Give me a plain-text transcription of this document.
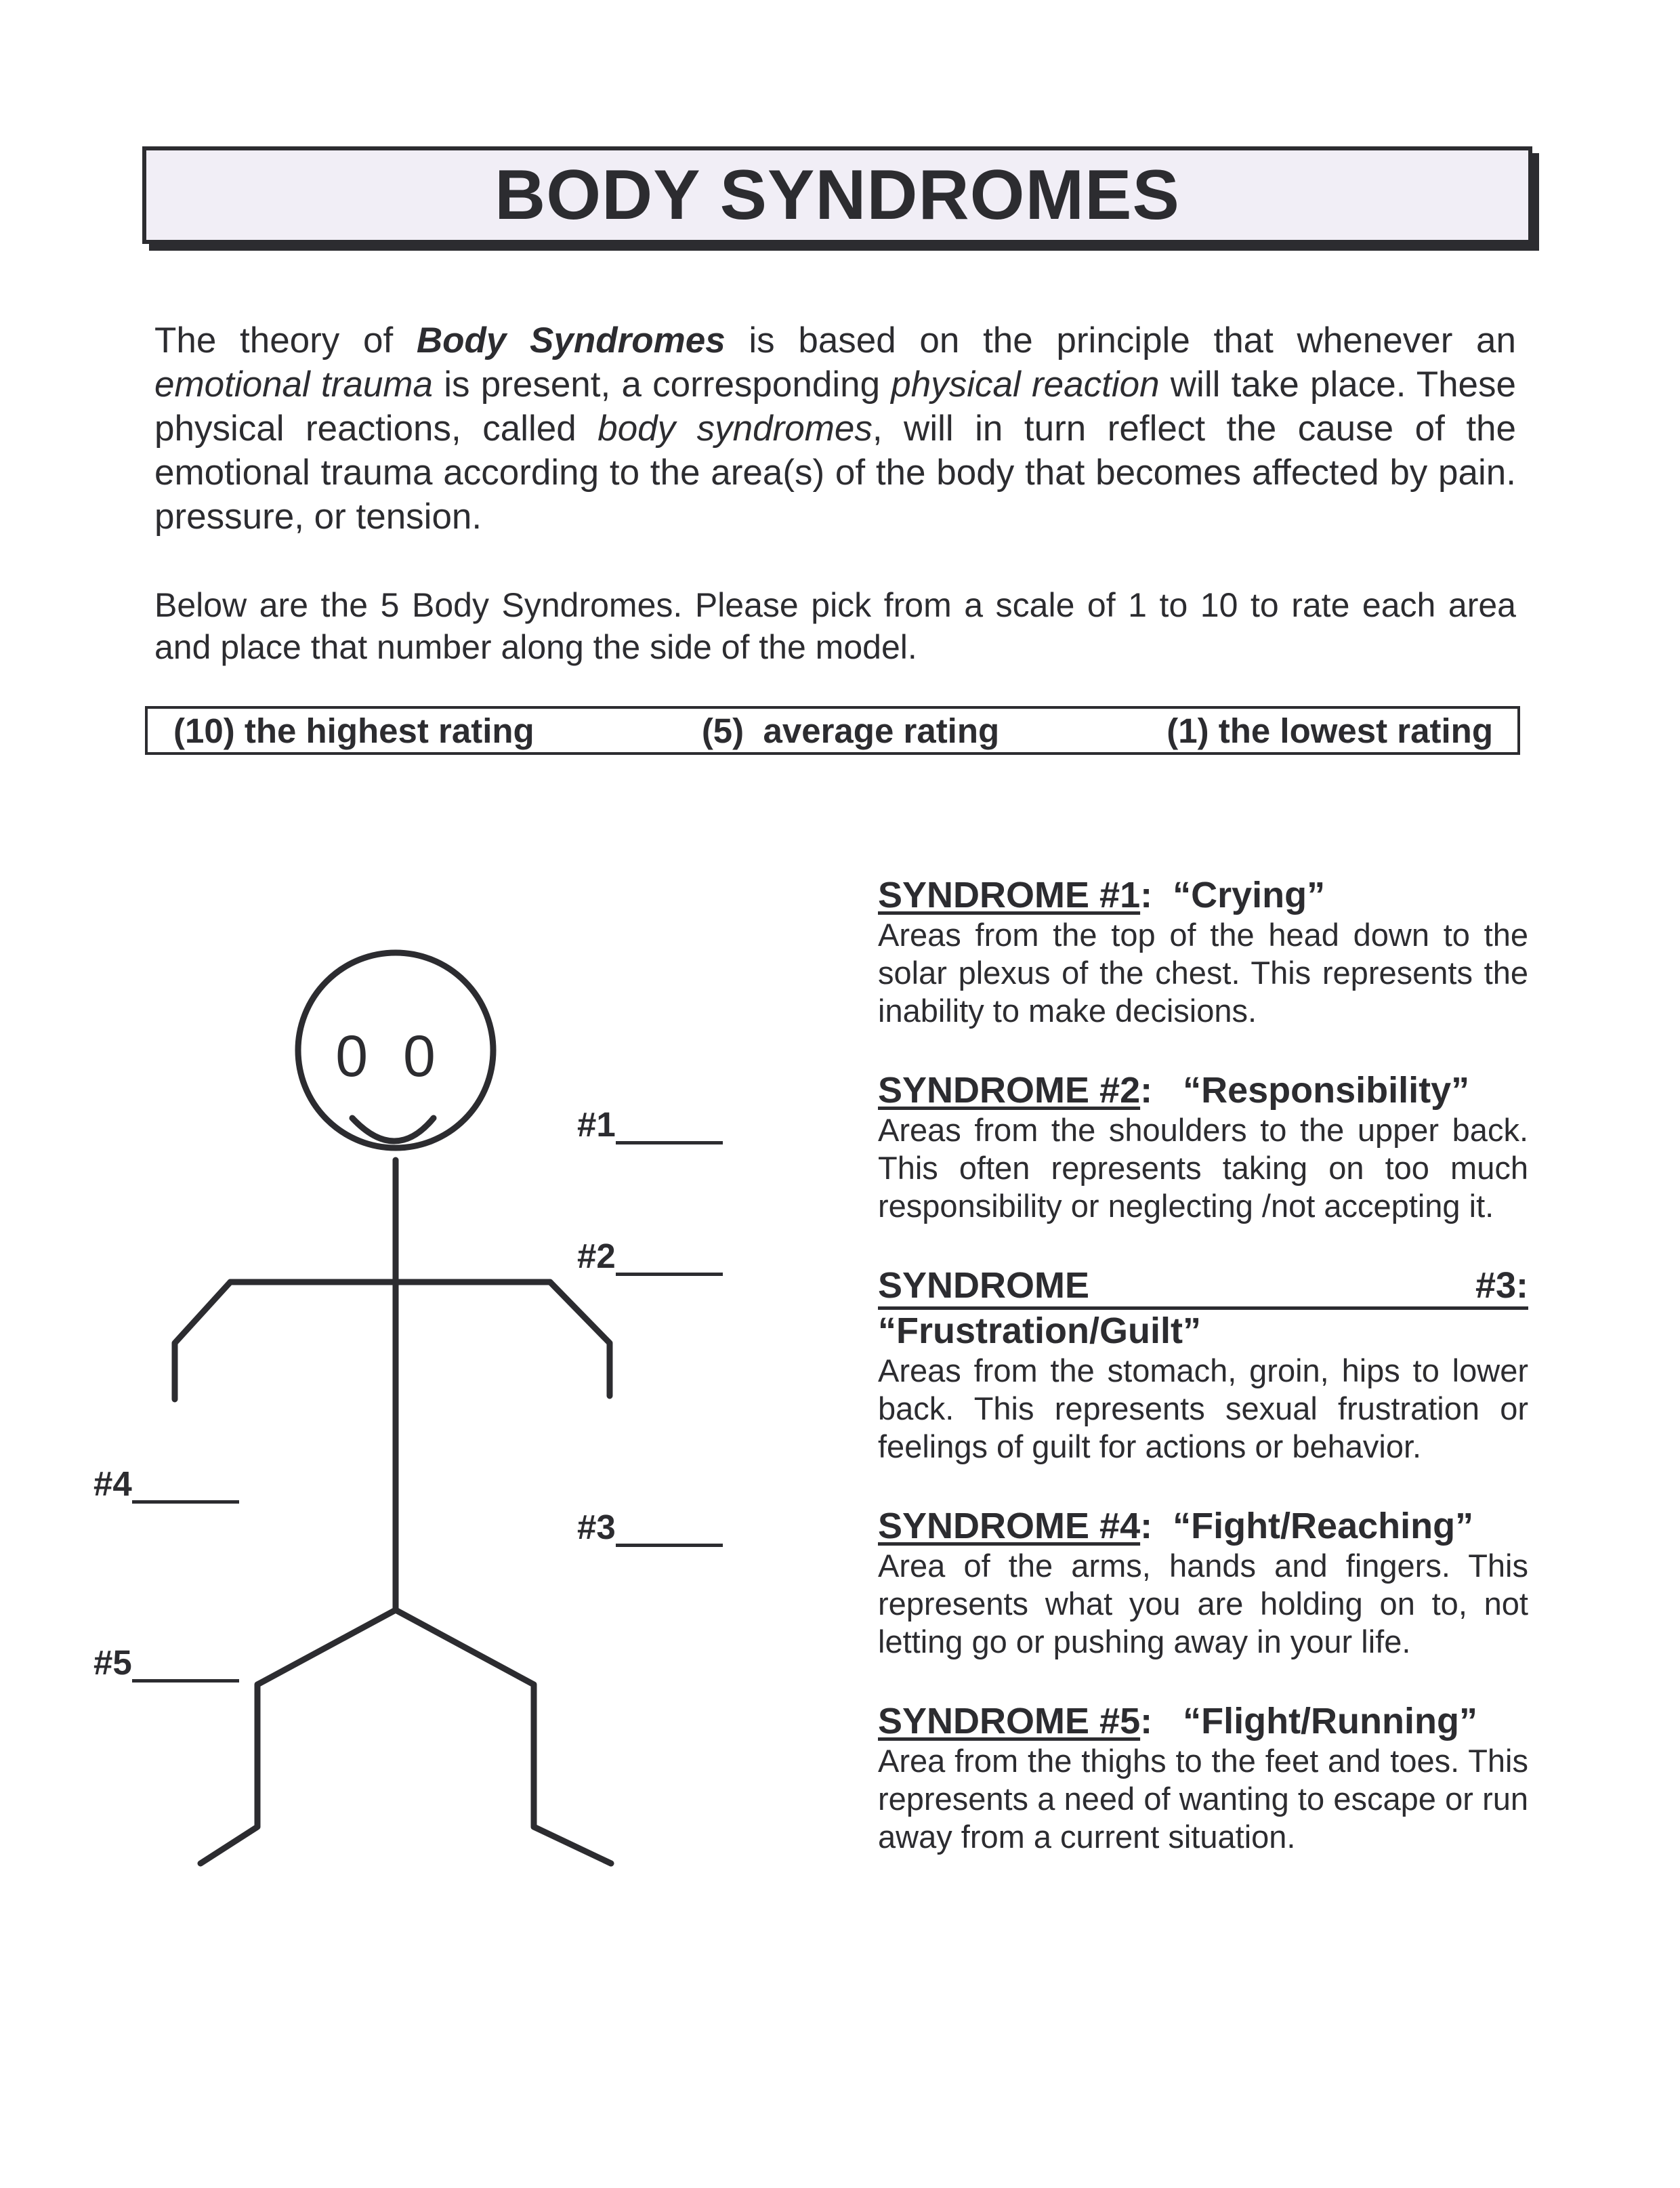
BODY SYNDROMES
The theory of Body Syndromes is based on the principle that whenever an emotional trauma is present, a corresponding physical reaction will take place. These physical reactions, called body syndromes, will in turn reflect the cause of the emotional trauma according to the area(s) of the body that becomes affected by pain. pressure, or tension.
Below are the 5 Body Syndromes. Please pick from a scale of 1 to 10 to rate each area and place that number along the side of the model.
(10) the highest rating	(5)  average rating	(1) the lowest rating
0 0
#1
#2
#3
#4
#5
SYNDROME #1:  “Crying”
Areas from the top of the head down to the solar plexus of the chest. This represents the inability to make decisions.
SYNDROME #2:   “Responsibility”
Areas from the shoulders to the upper back. This often represents taking on too much responsibility or neglecting /not accepting it.
SYNDROME	#3:
“Frustration/Guilt”
Areas from the stomach, groin, hips to lower back. This represents sexual frustration or feelings of guilt for actions or behavior.
SYNDROME #4:  “Fight/Reaching”
Area of the arms, hands and fingers. This represents what you are holding on to, not letting go or pushing away in your life.
SYNDROME #5:   “Flight/Running”
Area from the thighs to the feet and toes. This represents a need of wanting to escape or run away from a current situation.
